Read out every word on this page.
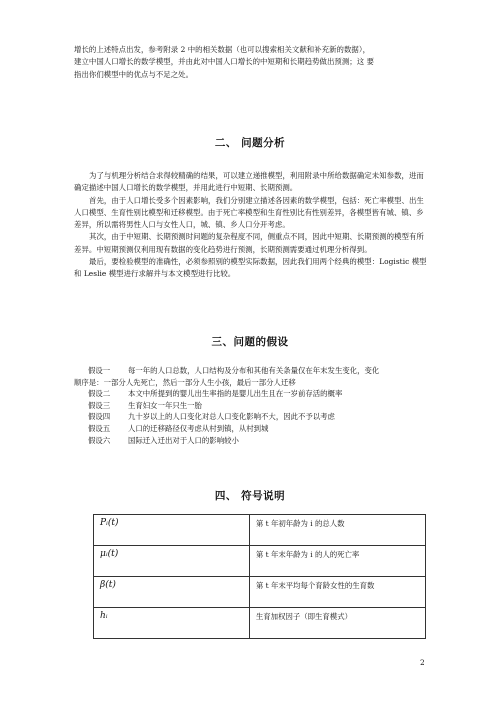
增长的上述特点出发，参考附录 2 中的相关数据（也可以搜索相关文献和补充新的数据），
建立中国人口增长的数学模型，并由此对中国人口增长的中短期和长期趋势做出预测；这 要
指出你们模型中的优点与不足之处。
二、 问题分析

为了与机理分析结合求得较精确的结果，可以建立递推模型，利用附录中所给数据确定未知参数，进而确定描述中国人口增长的数学模型，并用此进行中短期、长期预测。

首先，由于人口增长受多个因素影响，我们分别建立描述各因素的数学模型，包括：死亡率模型、出生人口模型、生育性别比模型和迁移模型。由于死亡率模型和生育性别比有性别差异，各模型皆有城、镇、乡差异，所以需将男性人口与女性人口，城、镇、乡人口分开考虑。

其次，由于中短期、长期预测时问题的复杂程度不同，侧重点不同，因此中短期、长期预测的模型有所差异。中短期预测仅利用现有数据的变化趋势进行预测，长期预测需要通过机理分析得到。

最后，要检验模型的准确性，必须参照别的模型实际数据，因此我们用两个经典的模型：Logistic 模型和 Leslie 模型进行求解并与本文模型进行比较。

三、问题的假设
假设一 每一年的人口总数，人口结构及分布和其他有关条量仅在年末发生变化，变化
顺序是：一部分人先死亡，然后一部分人生小孩，最后一部分人迁移
假设二 本文中所提到的婴儿出生率指的是婴儿出生且在一岁前存活的概率
假设三 生育妇女一年只生一胎
假设四 九十岁以上的人口变化对总人口变化影响不大，因此不予以考虑
假设五 人口的迁移路径仅考虑从村到镇，从村到城
假设六 国际迁入迁出对于人口的影响较小
四、 符号说明
Pᵢ(t)	第 t 年初年龄为 i 的总人数
μᵢ(t)	第 t 年末年龄为 i 的人的死亡率
β(t)	第 t 年末平均每个育龄女性的生育数
hᵢ	生育加权因子（即生育模式）
2
